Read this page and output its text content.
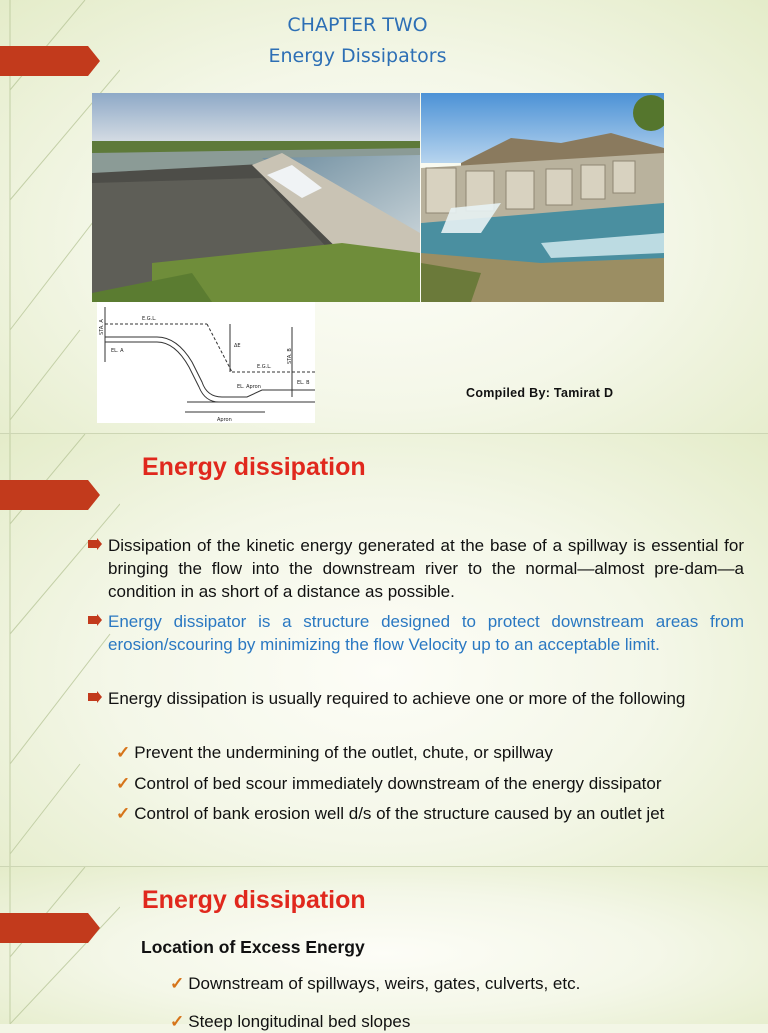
CHAPTER TWO
Energy Dissipators
STA. A
STA. B
E.G.L.
E.G.L.
ΔE
EL. A
EL. B
EL. Apron
Apron
Compiled By: Tamirat D
Energy dissipation
Dissipation of the kinetic energy generated at the base of a spillway is essential for bringing the flow into the downstream river to the normal—almost pre-dam—a condition in as short of a distance as possible.
Energy dissipator is a structure designed to protect downstream areas from erosion/scouring by minimizing the flow Velocity up to an acceptable limit.
Energy dissipation is usually required to achieve one or more of the following
✓ Prevent the undermining of the outlet, chute, or spillway
✓ Control of bed scour immediately downstream of the energy dissipator
✓ Control of bank erosion well d/s of the structure caused by an outlet jet
Energy dissipation
Location of Excess Energy
✓ Downstream of spillways, weirs, gates, culverts, etc.
✓ Steep longitudinal bed slopes
